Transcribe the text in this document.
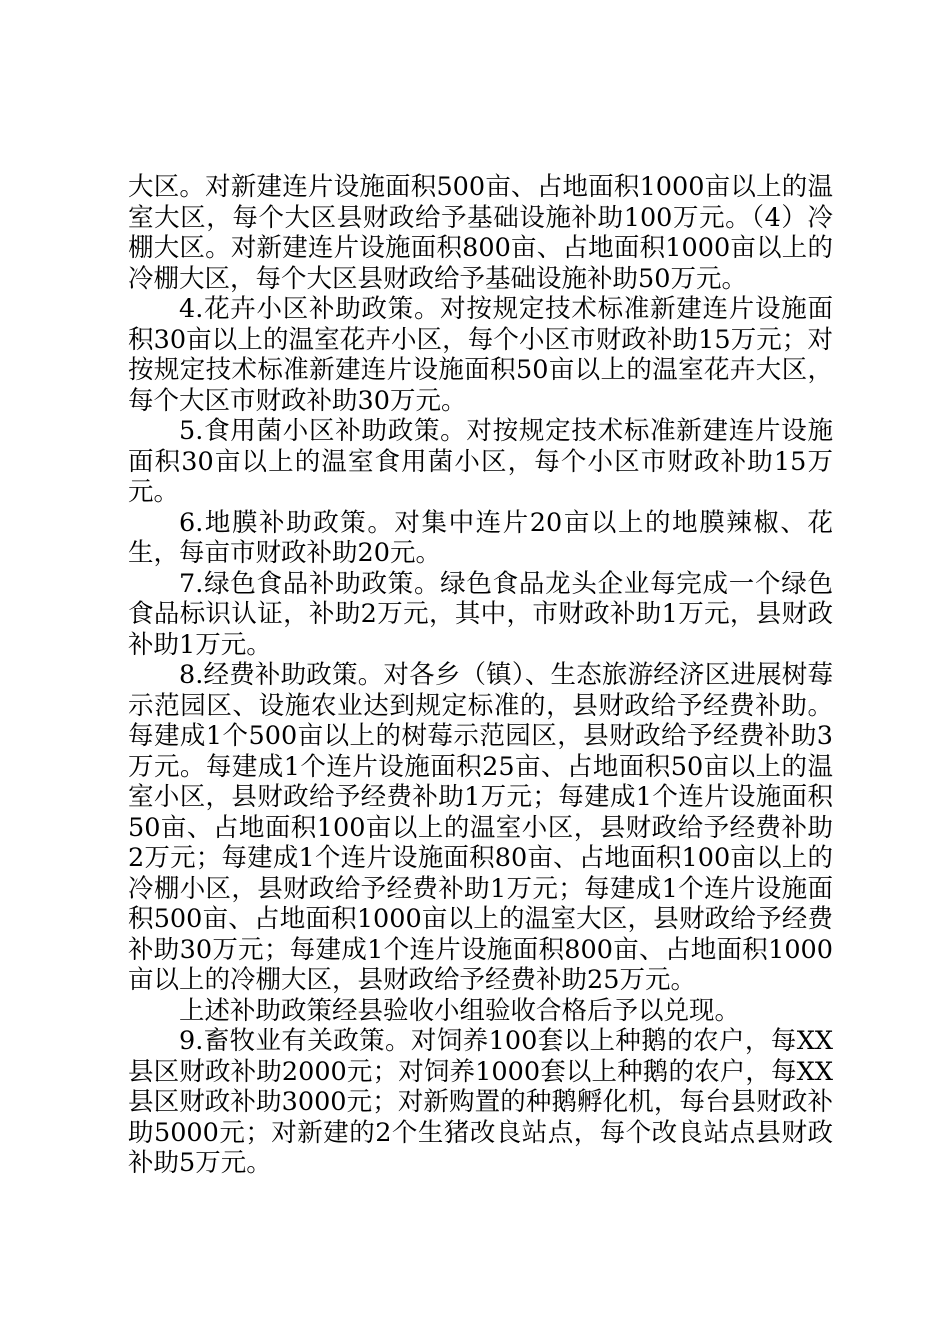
大区。对新建连片设施面积500亩、占地面积1000亩以上的温室大区，每个大区县财政给予基础设施补助100万元。（4）冷棚大区。对新建连片设施面积800亩、占地面积1000亩以上的冷棚大区，每个大区县财政给予基础设施补助50万元。

4.花卉小区补助政策。对按规定技术标准新建连片设施面积30亩以上的温室花卉小区，每个小区市财政补助15万元；对按规定技术标准新建连片设施面积50亩以上的温室花卉大区，每个大区市财政补助30万元。

5.食用菌小区补助政策。对按规定技术标准新建连片设施面积30亩以上的温室食用菌小区，每个小区市财政补助15万元。

6.地膜补助政策。对集中连片20亩以上的地膜辣椒、花生，每亩市财政补助20元。

7.绿色食品补助政策。绿色食品龙头企业每完成一个绿色食品标识认证，补助2万元，其中，市财政补助1万元，县财政补助1万元。

8.经费补助政策。对各乡（镇）、生态旅游经济区进展树莓示范园区、设施农业达到规定标准的，县财政给予经费补助。每建成1个500亩以上的树莓示范园区，县财政给予经费补助3万元。每建成1个连片设施面积25亩、占地面积50亩以上的温室小区，县财政给予经费补助1万元；每建成1个连片设施面积50亩、占地面积100亩以上的温室小区，县财政给予经费补助2万元；每建成1个连片设施面积80亩、占地面积100亩以上的冷棚小区，县财政给予经费补助1万元；每建成1个连片设施面积500亩、占地面积1000亩以上的温室大区，县财政给予经费补助30万元；每建成1个连片设施面积800亩、占地面积1000亩以上的冷棚大区，县财政给予经费补助25万元。

上述补助政策经县验收小组验收合格后予以兑现。

9.畜牧业有关政策。对饲养100套以上种鹅的农户，每XX县区财政补助2000元；对饲养1000套以上种鹅的农户，每XX县区财政补助3000元；对新购置的种鹅孵化机，每台县财政补助5000元；对新建的2个生猪改良站点，每个改良站点县财政补助5万元。
